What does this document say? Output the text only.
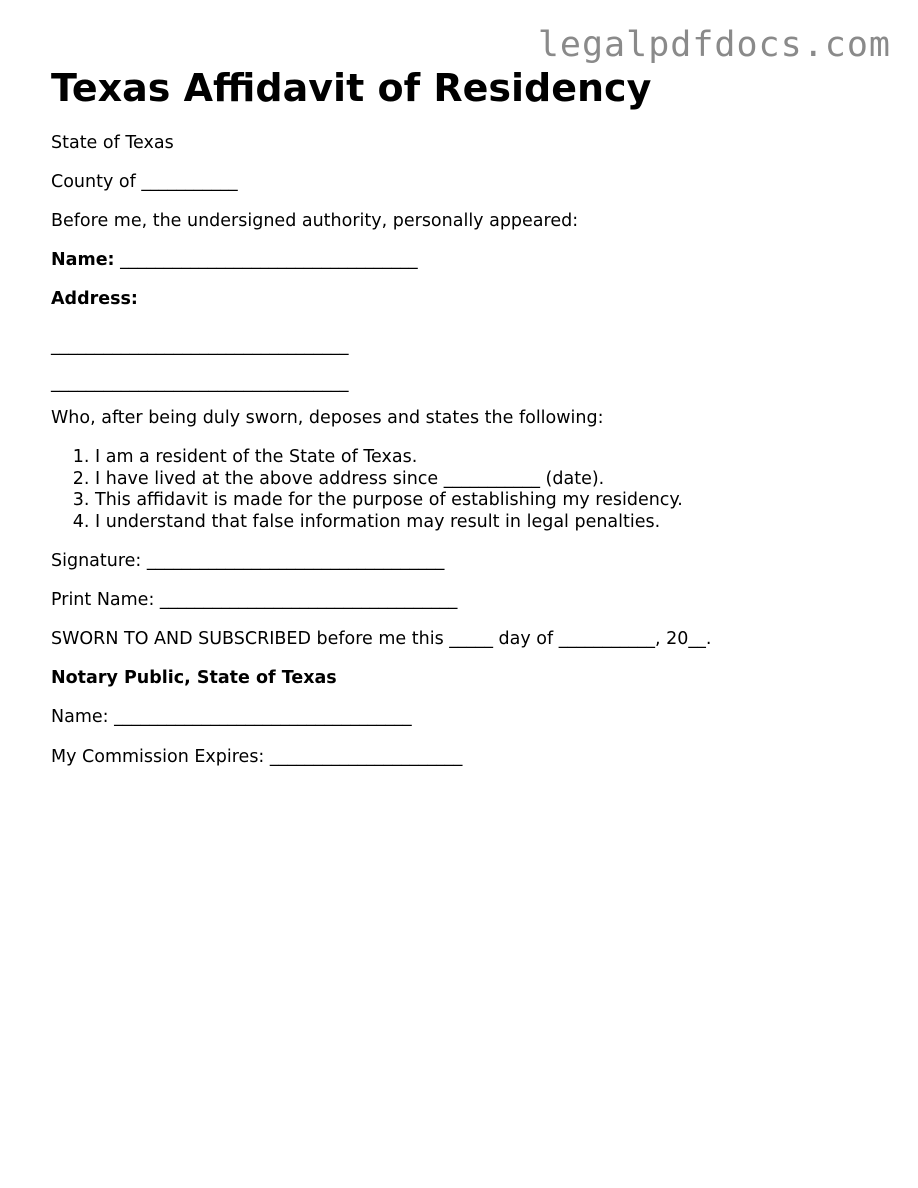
legalpdfdocs.com
Texas Affidavit of Residency

State of Texas

County of ___________

Before me, the undersigned authority, personally appeared:

Name: __________________________________

Address:

__________________________________

__________________________________

Who, after being duly sworn, deposes and states the following:

1. I am a resident of the State of Texas.
2. I have lived at the above address since ___________ (date).
3. This affidavit is made for the purpose of establishing my residency.
4. I understand that false information may result in legal penalties.

Signature: __________________________________

Print Name: __________________________________

SWORN TO AND SUBSCRIBED before me this _____ day of ___________, 20__.

Notary Public, State of Texas

Name: __________________________________

My Commission Expires: ______________________
